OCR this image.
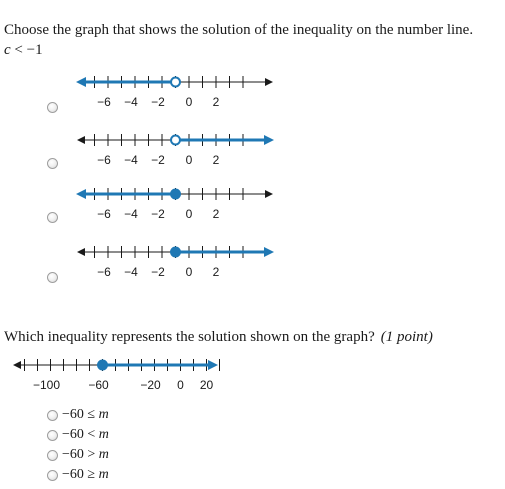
Choose the graph that shows the solution of the inequality on the number line.
c < −1
−6 −4 −2 0 2
−6 −4 −2 0 2
−6 −4 −2 0 2
−6 −4 −2 0 2
Which inequality represents the solution shown on the graph? (1 point)
−100 −60	−20 0 20
−60 ≤ m
−60 < m
−60 > m
−60 ≥ m
